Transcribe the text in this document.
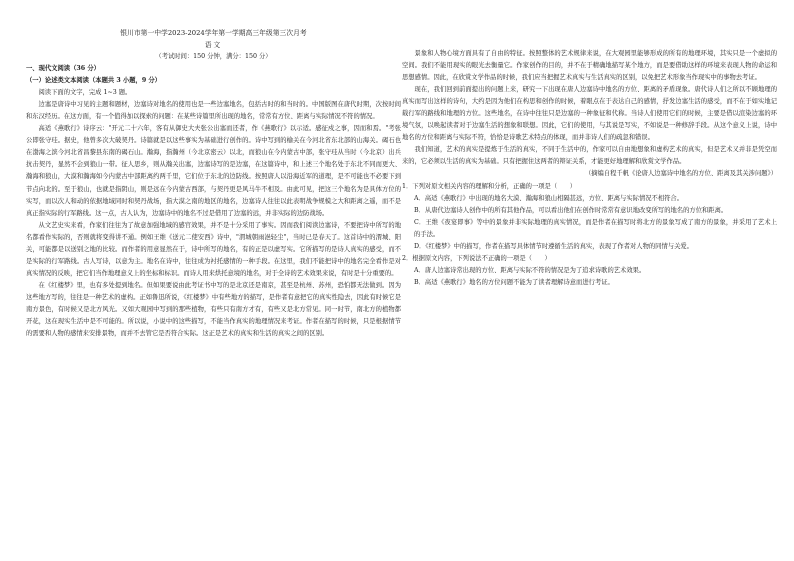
银川市第一中学2023-2024学年第一学期高三年级第三次月考

语文

（考试时间：150 分钟，满分：150 分）

一、现代文阅读（36 分）

（一）论述类文本阅读（本题共 3 小题，9 分）

阅读下面的文字，完成 1~3 题。

边塞是唐诗中习见的主题和题材，边塞诗对地名的使用也是一些边塞地名，包括古时的和当时的。中国版图在唐代时期，次按时间和东汉经历。在这方面，有一个值得加以探索的问题：在某些诗篇里所出现的地名，常常有方位、距离与实际情况不符的情况。

高适《燕歌行》诗序云："开元二十六年，客有从御史大夫张公出塞而还者，作《燕歌行》以示适。感征戍之事，因而和焉。"考张公即张守珪。据史，他曾多次大破契丹。诗篇就是以这些事实为基础进行创作的。诗中写到的榆关在今河北省东北部的山海关。碣石也在渤海之滨今河北省昌黎县东南的碣石山。瀚海，指瀚州（今北京密云）以北，而狼山在今内蒙古中部，张守珪从当时（今北京）出兵抗击契丹，显然不会到狼山一带。征人思乡，则从瀚关出塞，边塞诗写的是边塞，在这篇诗中，和上述三个地名处于东北不同而更大、瀚海和狼山，大漠和瀚海如今内蒙古中部距离约两千里，它们位于东北的边防线。按照唐人以沿海近军的道理，是不可能也不必要下到节点向北的。至于狼山，也就是指阴山，则是远在今内蒙古西部，与契丹更是风马牛不相及。由此可见，把这三个地名为是具体方位的实写，而以次人和动的依据地域同时和契丹战场，指大漠之南的地区的地名，边塞诗人往往以此表明战争规模之大和距离之遥，而不是真正指实际的行军路线。这一点，古人认为，边塞诗中的地名不过是借用了边塞的远，并非实际的边防战场。

从文艺史实来看，作家们往往为了故意加强地域的感官效果，并不是十分采用了事实。因而我们阅读边塞诗，不要把诗中所写的地名都看作实际的，否则就将变得讲不通。例如王维《送元二使安西》诗中，"渭城朝雨浥轻尘"，当时已是春天了。这首诗中的渭城、阳关，可能都是以送别之地的比较。而作者的用意显然在于，诗中所写的地名，有的正是以虚写实。它所描写的是诗人真实的感受，而不是实际的行军路线。古人写诗，以意为主。地名在诗中，往往成为衬托感情的一种手段。在这里，我们不能把诗中的地名完全看作是对真实情况的反映，把它们当作地理意义上的坐标和标识。而诗人用来烘托意境的地名，对于全诗的艺术效果来说，有时是十分重要的。

在《红楼梦》里，也有多处提到地名。但如果要说由此考证书中写的是北京还是南京，甚至是杭州、苏州，恐怕都无法做到。因为这些地方写的，往往是一种艺术的虚构。正如鲁迅所说，《红楼梦》中有些地方的描写，是作者有意把它的真实性隐去，因此有时候它是南方景色，有时候又是北方风光。又如大观园中写到的那些植物，有些只有南方才有，有些又是北方常见。同一时节，南北方的植物都开花，这在现实生活中是不可能的。所以说，小说中的这些描写，不能当作真实的地理情况来考证。作者在描写的时候，只是根据情节的需要和人物的感情来安排景物，而并不去管它是否符合实际。这正是艺术的真实和生活的真实之间的区别。

景象和人物心境方面具有了自由的特征。按照整体的艺术规律来说，在大观园里能够形成的所有的地理环境，其实只是一个虚拟的空间。我们不能用现实的眼光去衡量它。作家创作的目的，并不在于精确地描写某个地方，而是要借助这样的环境来表现人物的命运和思想感情。因此，在欣赏文学作品的时候，我们应当把握艺术真实与生活真实的区别，以免把艺术形象当作现实中的事物去考证。

现在，我们回到前面提出的问题上来，研究一下出现在唐人边塞诗中地名的方位、距离的矛盾现象。唐代诗人们之所以不顾地理的真实而写出这样的诗句，大约是因为他们在构思和创作的时候，着眼点在于表达自己的感情，抒发边塞生活的感受，而不在于如实地记载行军的路线和地理的方位。这些地名，在诗中往往只是边塞的一种象征和代称。当诗人们使用它们的时候，主要是借以渲染边塞的环境气氛，以唤起读者对于边塞生活的想象和联想。因此，它们的使用，与其说是写实，不如说是一种修辞手段。从这个意义上说，诗中地名的方位和距离与实际不符，恰恰是诗歌艺术特点的体现，而并非诗人们的疏忽和错误。

我们知道，艺术的真实是提炼于生活的真实，不同于生活中的，作家可以自由地想象和虚构艺术的真实，但是艺术又并非是凭空而来的，它必须以生活的真实为基础。只有把握住这两者的辩证关系，才能更好地理解和欣赏文学作品。

（摘编自程千帆《论唐人边塞诗中地名的方位、距离及其关涉问题》）

1．下列对原文相关内容的理解和分析，正确的一项是（　　）

A．高适《燕歌行》中出现的地名大漠、瀚海和狼山相隔甚远，方位、距离与实际情况不相符合。

B．从唐代边塞诗人创作中的所有其他作品，可以看出他们在创作时常常有意识地改变所写的地名的方位和距离。

C．王维《夜宴即事》等中的景象并非实际地理的真实情况，而是作者在描写时将北方的景象写成了南方的景象，并采用了艺术上的手法。

D．《红楼梦》中的描写，作者在描写具体情节时遵循生活的真实，表现了作者对人物的同情与关爱。

2．根据原文内容，下列说法不正确的一项是（　　）

A．唐人边塞诗常出现的方位、距离与实际不符的情况是为了追求诗歌的艺术效果。

B．高适《燕歌行》地名的方位问题不能为了读者理解诗意而进行考证。
